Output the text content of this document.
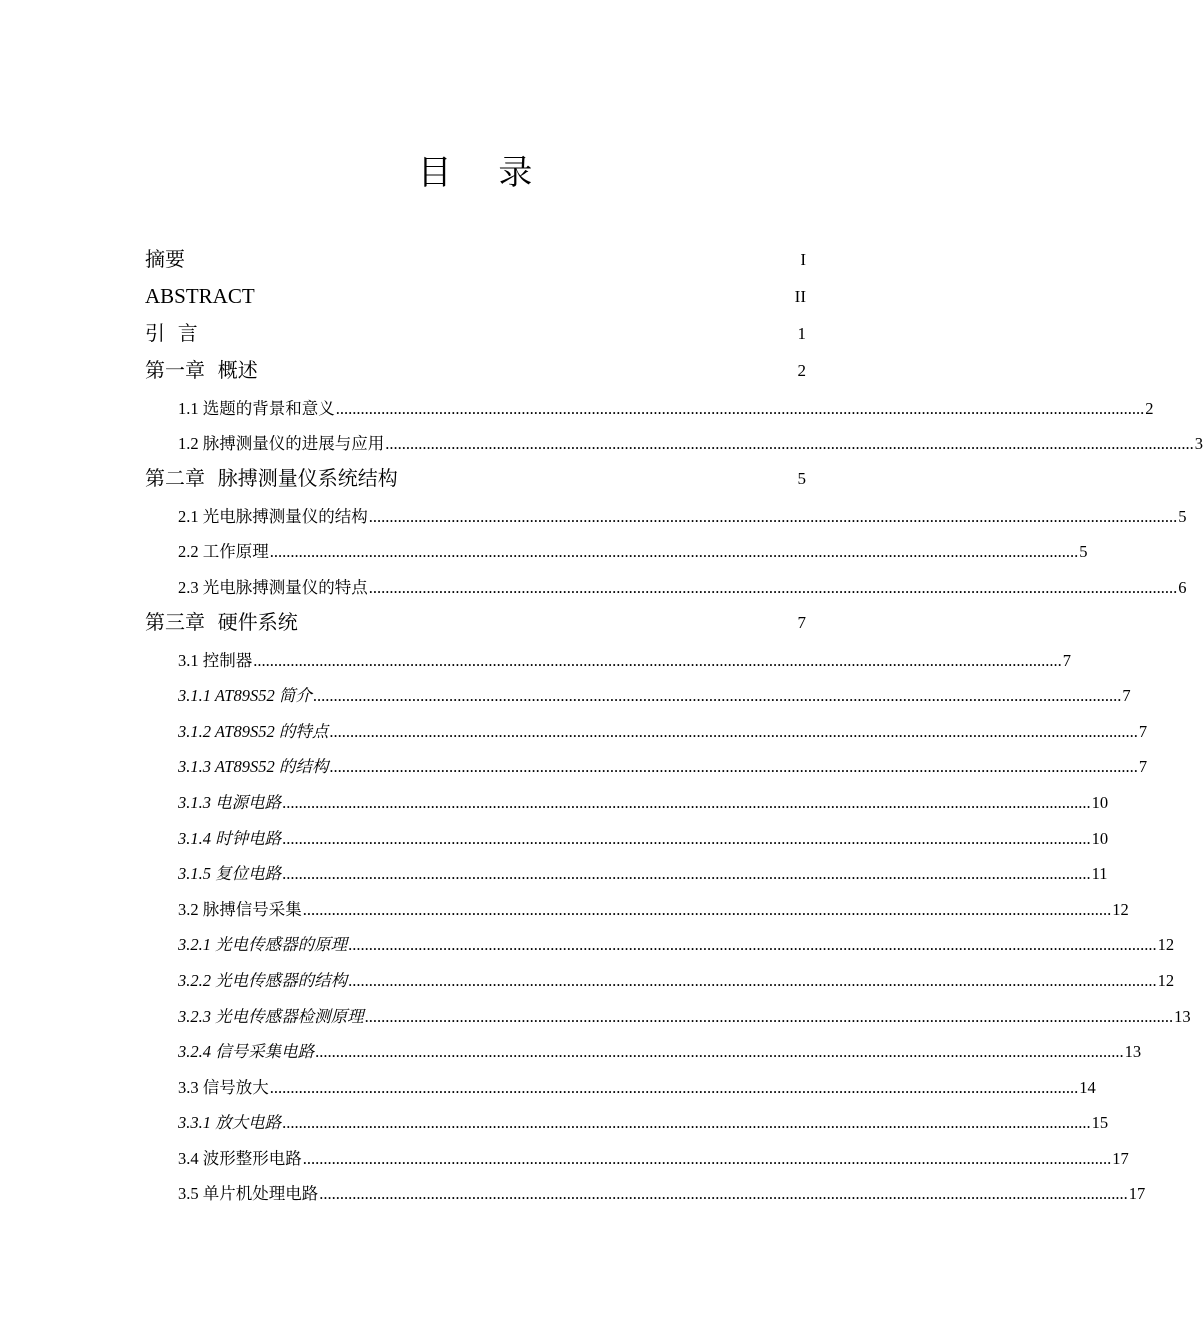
目 录
摘要	I
ABSTRACT	II
引  言	1
第一章  概述	2
1.1 选题的背景和意义 .................................................................................................................................................................................................... 2
1.2 脉搏测量仪的进展与应用 .................................................................................................................................................................................................... 3
第二章  脉搏测量仪系统结构	5
2.1 光电脉搏测量仪的结构 .................................................................................................................................................................................................... 5
2.2 工作原理 .................................................................................................................................................................................................... 5
2.3 光电脉搏测量仪的特点 .................................................................................................................................................................................................... 6
第三章  硬件系统	7
3.1 控制器 .................................................................................................................................................................................................... 7
3.1.1 AT89S52 简介 .................................................................................................................................................................................................... 7
3.1.2 AT89S52 的特点 .................................................................................................................................................................................................... 7
3.1.3 AT89S52 的结构 .................................................................................................................................................................................................... 7
3.1.3 电源电路 .................................................................................................................................................................................................... 10
3.1.4 时钟电路 .................................................................................................................................................................................................... 10
3.1.5 复位电路 .................................................................................................................................................................................................... 11
3.2 脉搏信号采集 .................................................................................................................................................................................................... 12
3.2.1 光电传感器的原理 .................................................................................................................................................................................................... 12
3.2.2 光电传感器的结构 .................................................................................................................................................................................................... 12
3.2.3 光电传感器检测原理 .................................................................................................................................................................................................... 13
3.2.4 信号采集电路 .................................................................................................................................................................................................... 13
3.3 信号放大 .................................................................................................................................................................................................... 14
3.3.1 放大电路 .................................................................................................................................................................................................... 15
3.4 波形整形电路 .................................................................................................................................................................................................... 17
3.5 单片机处理电路 .................................................................................................................................................................................................... 17
